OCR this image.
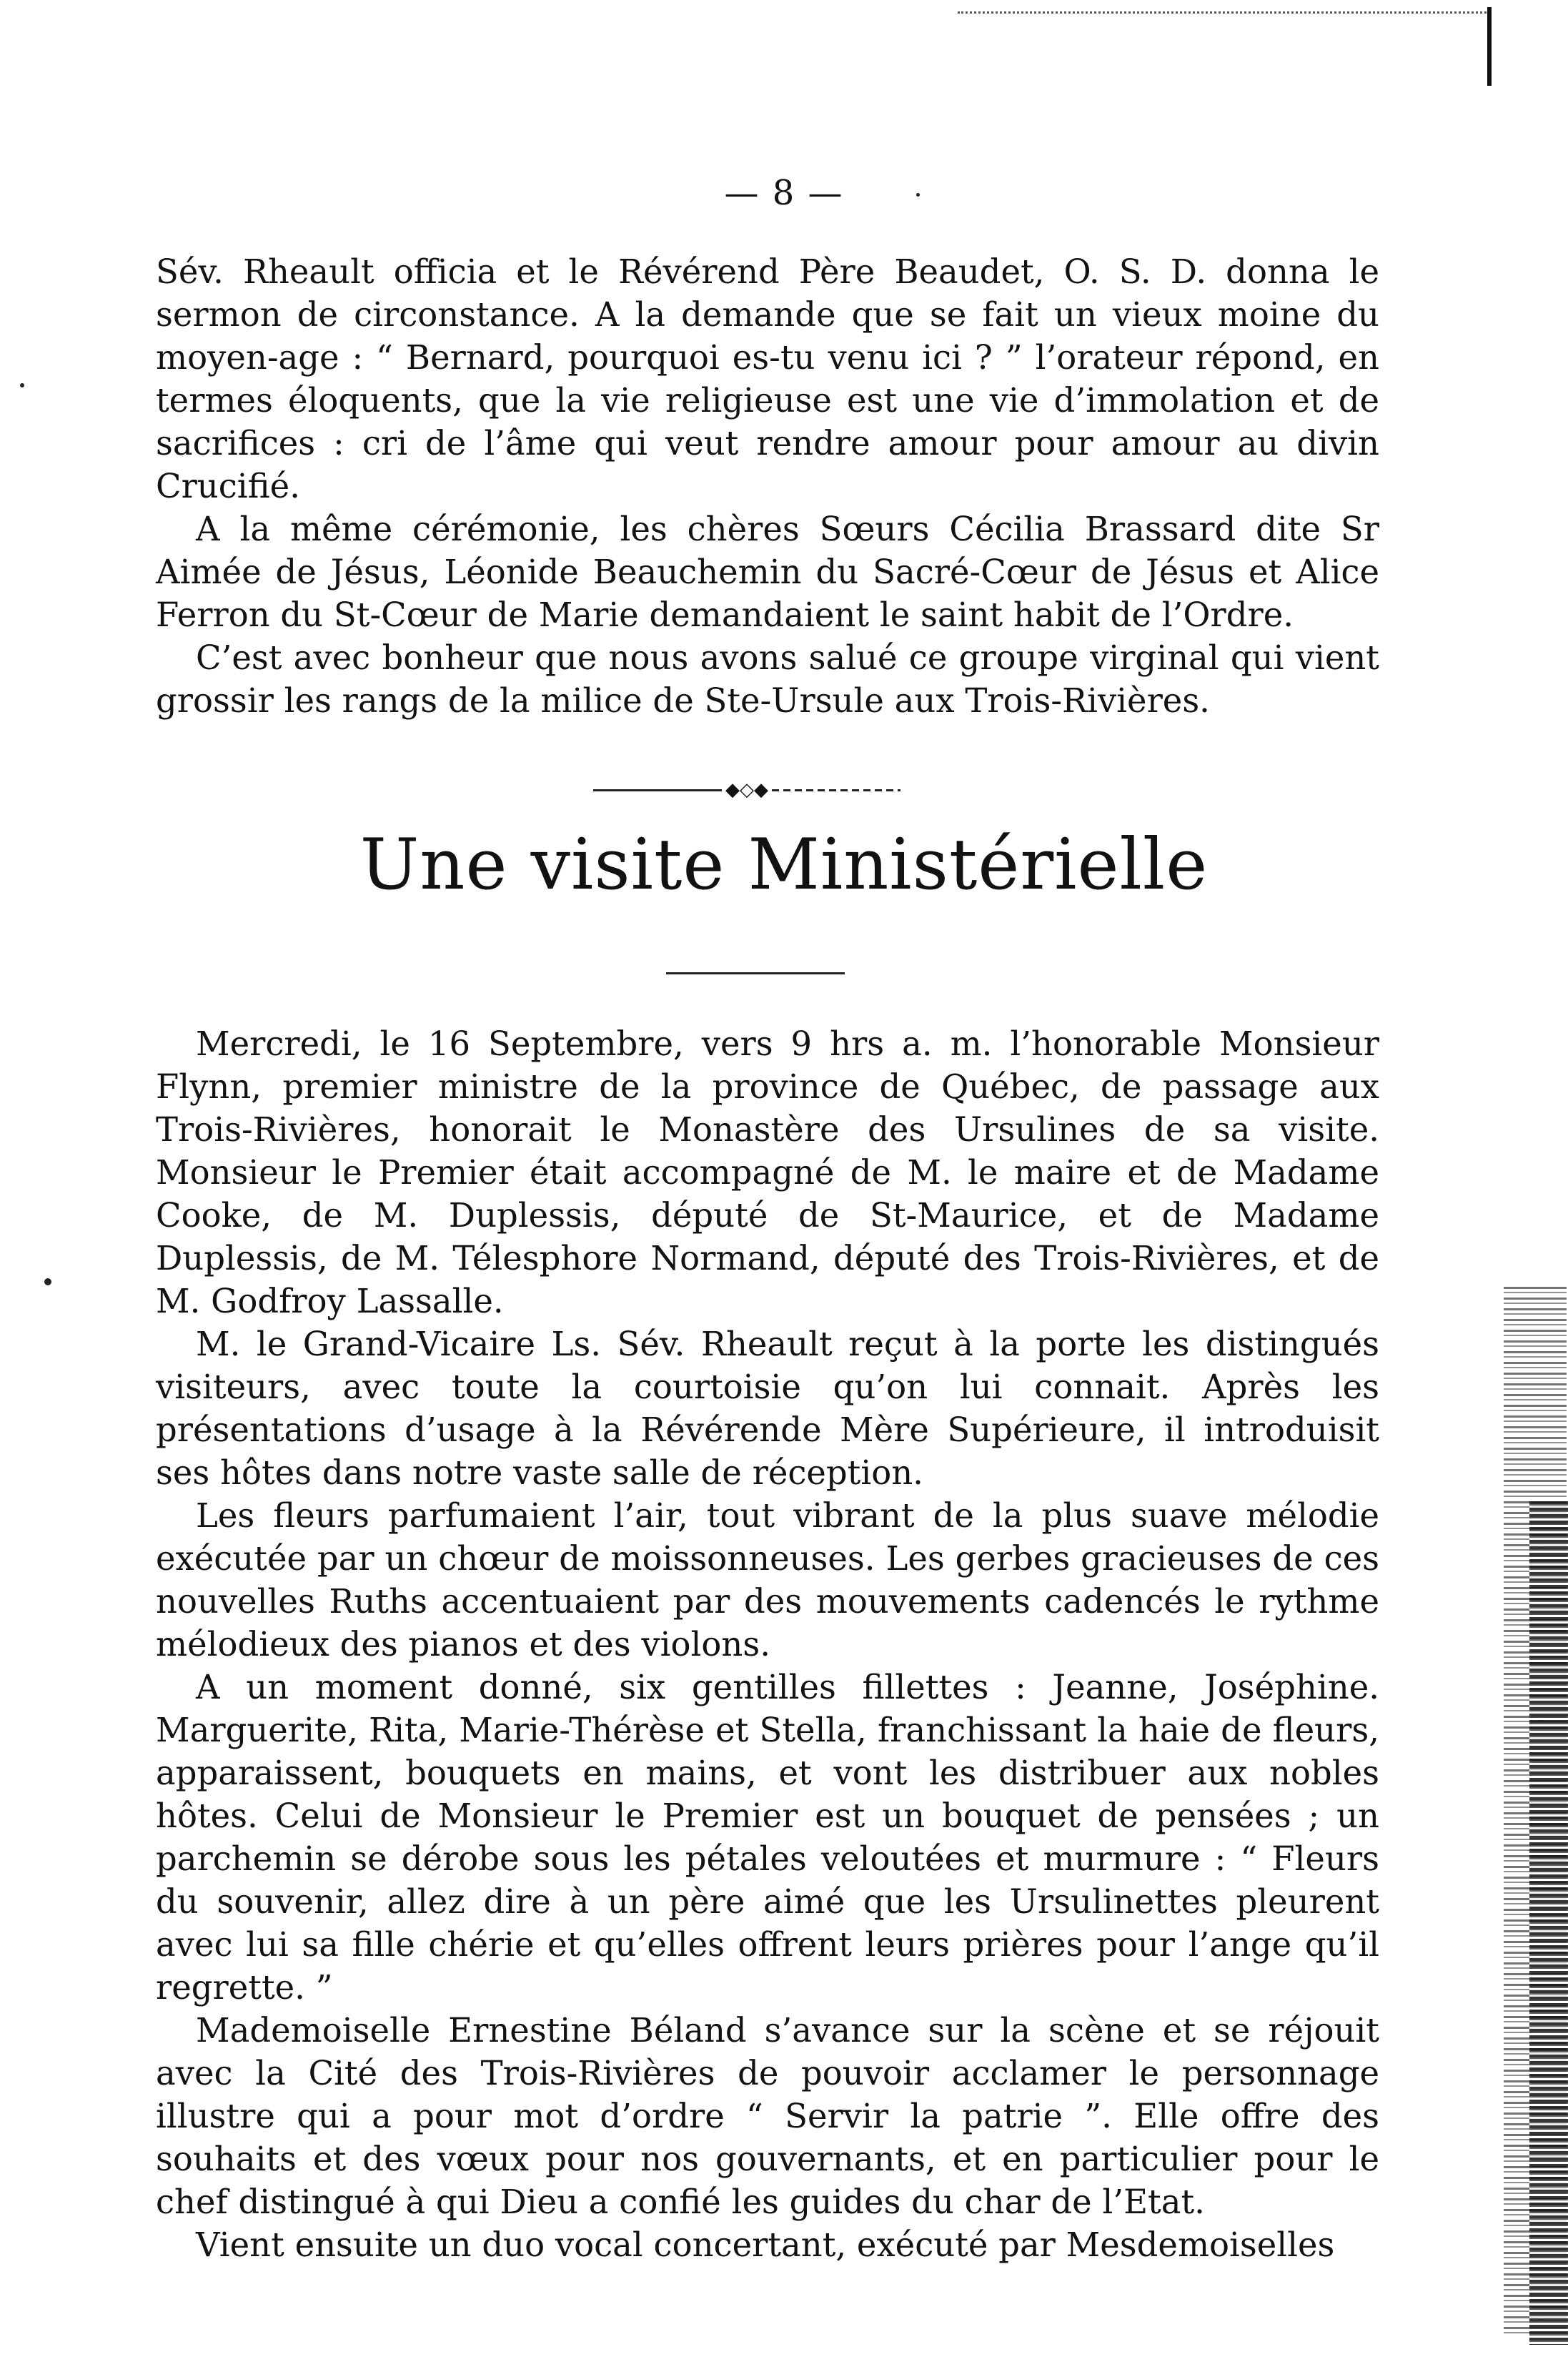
— 8 —

Sév. Rheault officia et le Révérend Père Beaudet, O. S. D. donna le sermon de circonstance. A la demande que se fait un vieux moine du moyen-age : “ Bernard, pourquoi es-tu venu ici ? ” l’orateur répond, en termes éloquents, que la vie religieuse est une vie d’immolation et de sacrifices : cri de l’âme qui veut rendre amour pour amour au divin Crucifié.

A la même cérémonie, les chères Sœurs Cécilia Brassard dite Sr Aimée de Jésus, Léonide Beauchemin du Sacré-Cœur de Jésus et Alice Ferron du St-Cœur de Marie demandaient le saint habit de l’Ordre.

C’est avec bonheur que nous avons salué ce groupe virginal qui vient grossir les rangs de la milice de Ste-Ursule aux Trois-Rivières.

◆◇◆
Une visite Ministérielle

Mercredi, le 16 Septembre, vers 9 hrs a. m. l’honorable Monsieur Flynn, premier ministre de la province de Québec, de passage aux Trois-Rivières, honorait le Monastère des Ursulines de sa visite. Monsieur le Premier était accompagné de M. le maire et de Madame Cooke, de M. Duplessis, député de St-Maurice, et de Madame Duplessis, de M. Télesphore Normand, député des Trois-Rivières, et de M. Godfroy Lassalle.

M. le Grand-Vicaire Ls. Sév. Rheault reçut à la porte les distingués visiteurs, avec toute la courtoisie qu’on lui connait. Après les présentations d’usage à la Révérende Mère Supérieure, il introduisit ses hôtes dans notre vaste salle de réception.

Les fleurs parfumaient l’air, tout vibrant de la plus suave mélodie exécutée par un chœur de moissonneuses. Les gerbes gracieuses de ces nouvelles Ruths accentuaient par des mouvements cadencés le rythme mélodieux des pianos et des violons.

A un moment donné, six gentilles fillettes : Jeanne, Joséphine. Marguerite, Rita, Marie-Thérèse et Stella, franchissant la haie de fleurs, apparaissent, bouquets en mains, et vont les distribuer aux nobles hôtes. Celui de Monsieur le Premier est un bouquet de pensées ; un parchemin se dérobe sous les pétales veloutées et murmure : “ Fleurs du souvenir, allez dire à un père aimé que les Ursulinettes pleurent avec lui sa fille chérie et qu’elles offrent leurs prières pour l’ange qu’il regrette. ”

Mademoiselle Ernestine Béland s’avance sur la scène et se réjouit avec la Cité des Trois-Rivières de pouvoir acclamer le personnage illustre qui a pour mot d’ordre “ Servir la patrie ”. Elle offre des souhaits et des vœux pour nos gouvernants, et en particulier pour le chef distingué à qui Dieu a confié les guides du char de l’Etat.

Vient ensuite un duo vocal concertant, exécuté par Mesdemoiselles
